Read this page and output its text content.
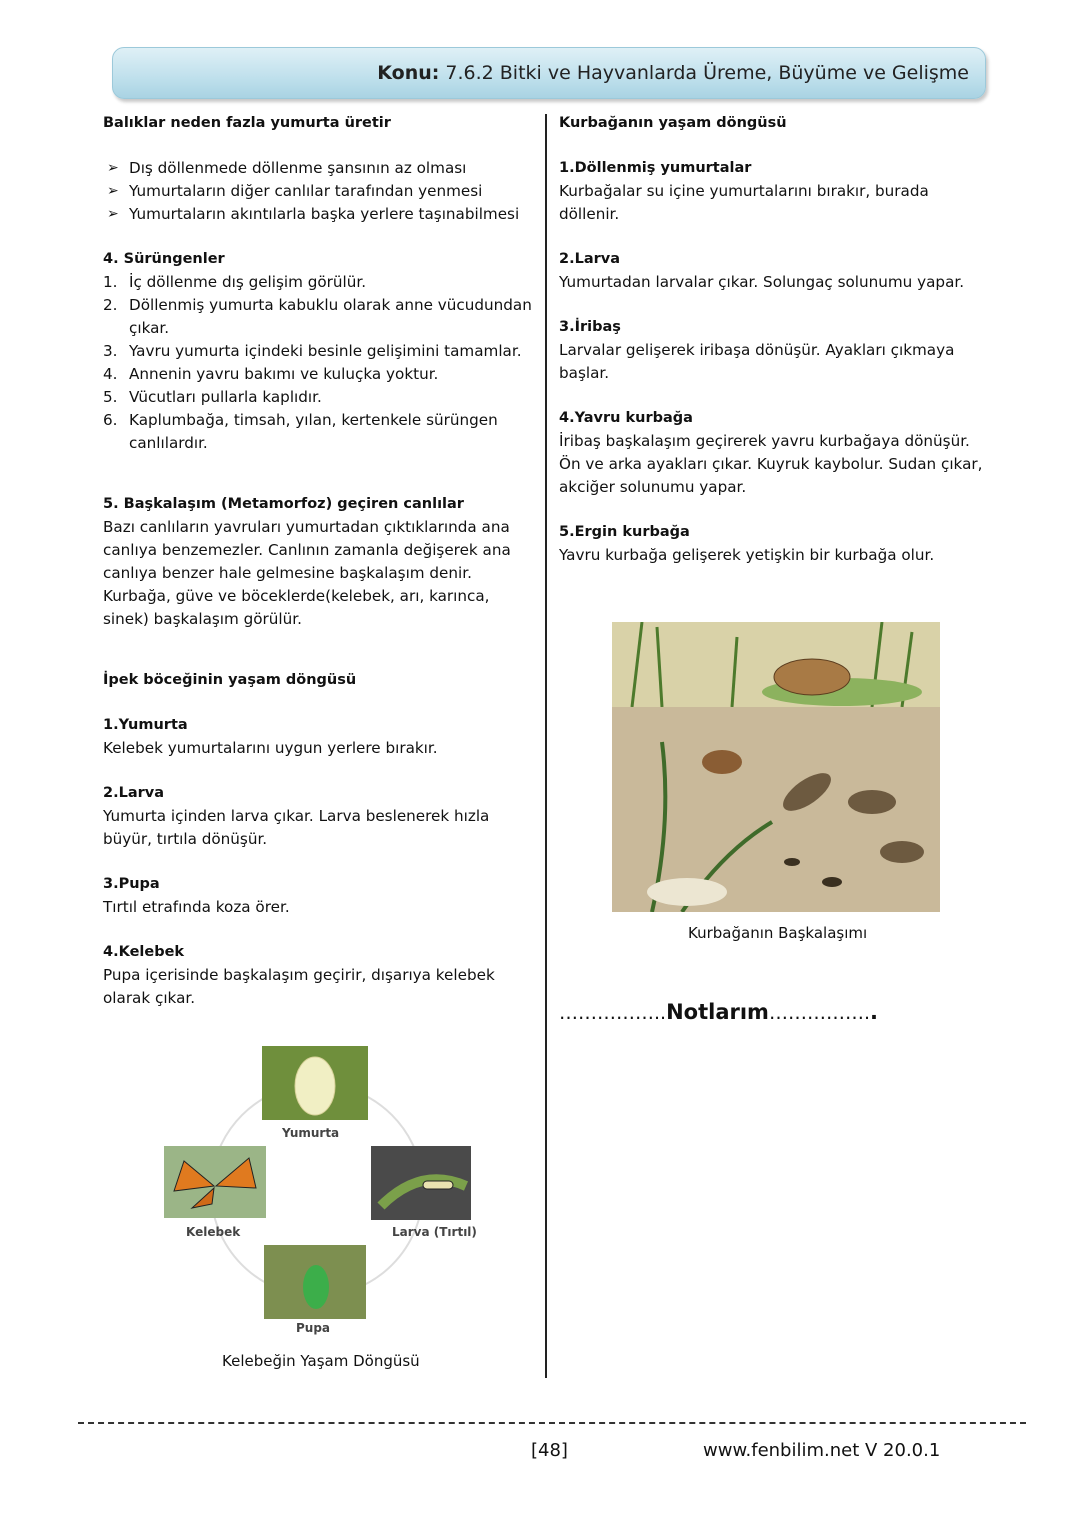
Konu: 7.6.2 Bitki ve Hayvanlarda Üreme, Büyüme ve Gelişme
Balıklar neden fazla yumurta üretir
➢ Dış döllenmede döllenme şansının az olması
➢ Yumurtaların diğer canlılar tarafından yenmesi
➢ Yumurtaların akıntılarla başka yerlere taşınabilmesi
4. Sürüngenler
1. İç döllenme dış gelişim görülür.
2. Döllenmiş yumurta kabuklu olarak anne vücudundan çıkar.
3. Yavru yumurta içindeki besinle gelişimini tamamlar.
4. Annenin yavru bakımı ve kuluçka yoktur.
5. Vücutları pullarla kaplıdır.
6. Kaplumbağa, timsah, yılan, kertenkele sürüngen canlılardır.
5. Başkalaşım (Metamorfoz) geçiren canlılar
Bazı canlıların yavruları yumurtadan çıktıklarında ana canlıya benzemezler. Canlının zamanla değişerek ana canlıya benzer hale gelmesine başkalaşım denir. Kurbağa, güve ve böceklerde(kelebek, arı, karınca, sinek) başkalaşım görülür.
İpek böceğinin yaşam döngüsü
1.Yumurta
Kelebek yumurtalarını uygun yerlere bırakır.
2.Larva
Yumurta içinden larva çıkar. Larva beslenerek hızla büyür, tırtıla dönüşür.
3.Pupa
Tırtıl etrafında koza örer.
4.Kelebek
Pupa içerisinde başkalaşım geçirir, dışarıya kelebek olarak çıkar.
Yumurta
Kelebek	Larva (Tırtıl)
Pupa
Kelebeğin Yaşam Döngüsü
Kurbağanın yaşam döngüsü
1.Döllenmiş yumurtalar
Kurbağalar su içine yumurtalarını bırakır, burada döllenir.
2.Larva
Yumurtadan larvalar çıkar. Solungaç solunumu yapar.
3.İribaş
Larvalar gelişerek iribaşa dönüşür. Ayakları çıkmaya başlar.
4.Yavru kurbağa
İribaş başkalaşım geçirerek yavru kurbağaya dönüşür. Ön ve arka ayakları çıkar. Kuyruk kaybolur. Sudan çıkar, akciğer solunumu yapar.
5.Ergin kurbağa
Yavru kurbağa gelişerek yetişkin bir kurbağa olur.
Kurbağanın Başkalaşımı
……………..Notlarım……………..
[48]	www.fenbilim.net V 20.0.1
